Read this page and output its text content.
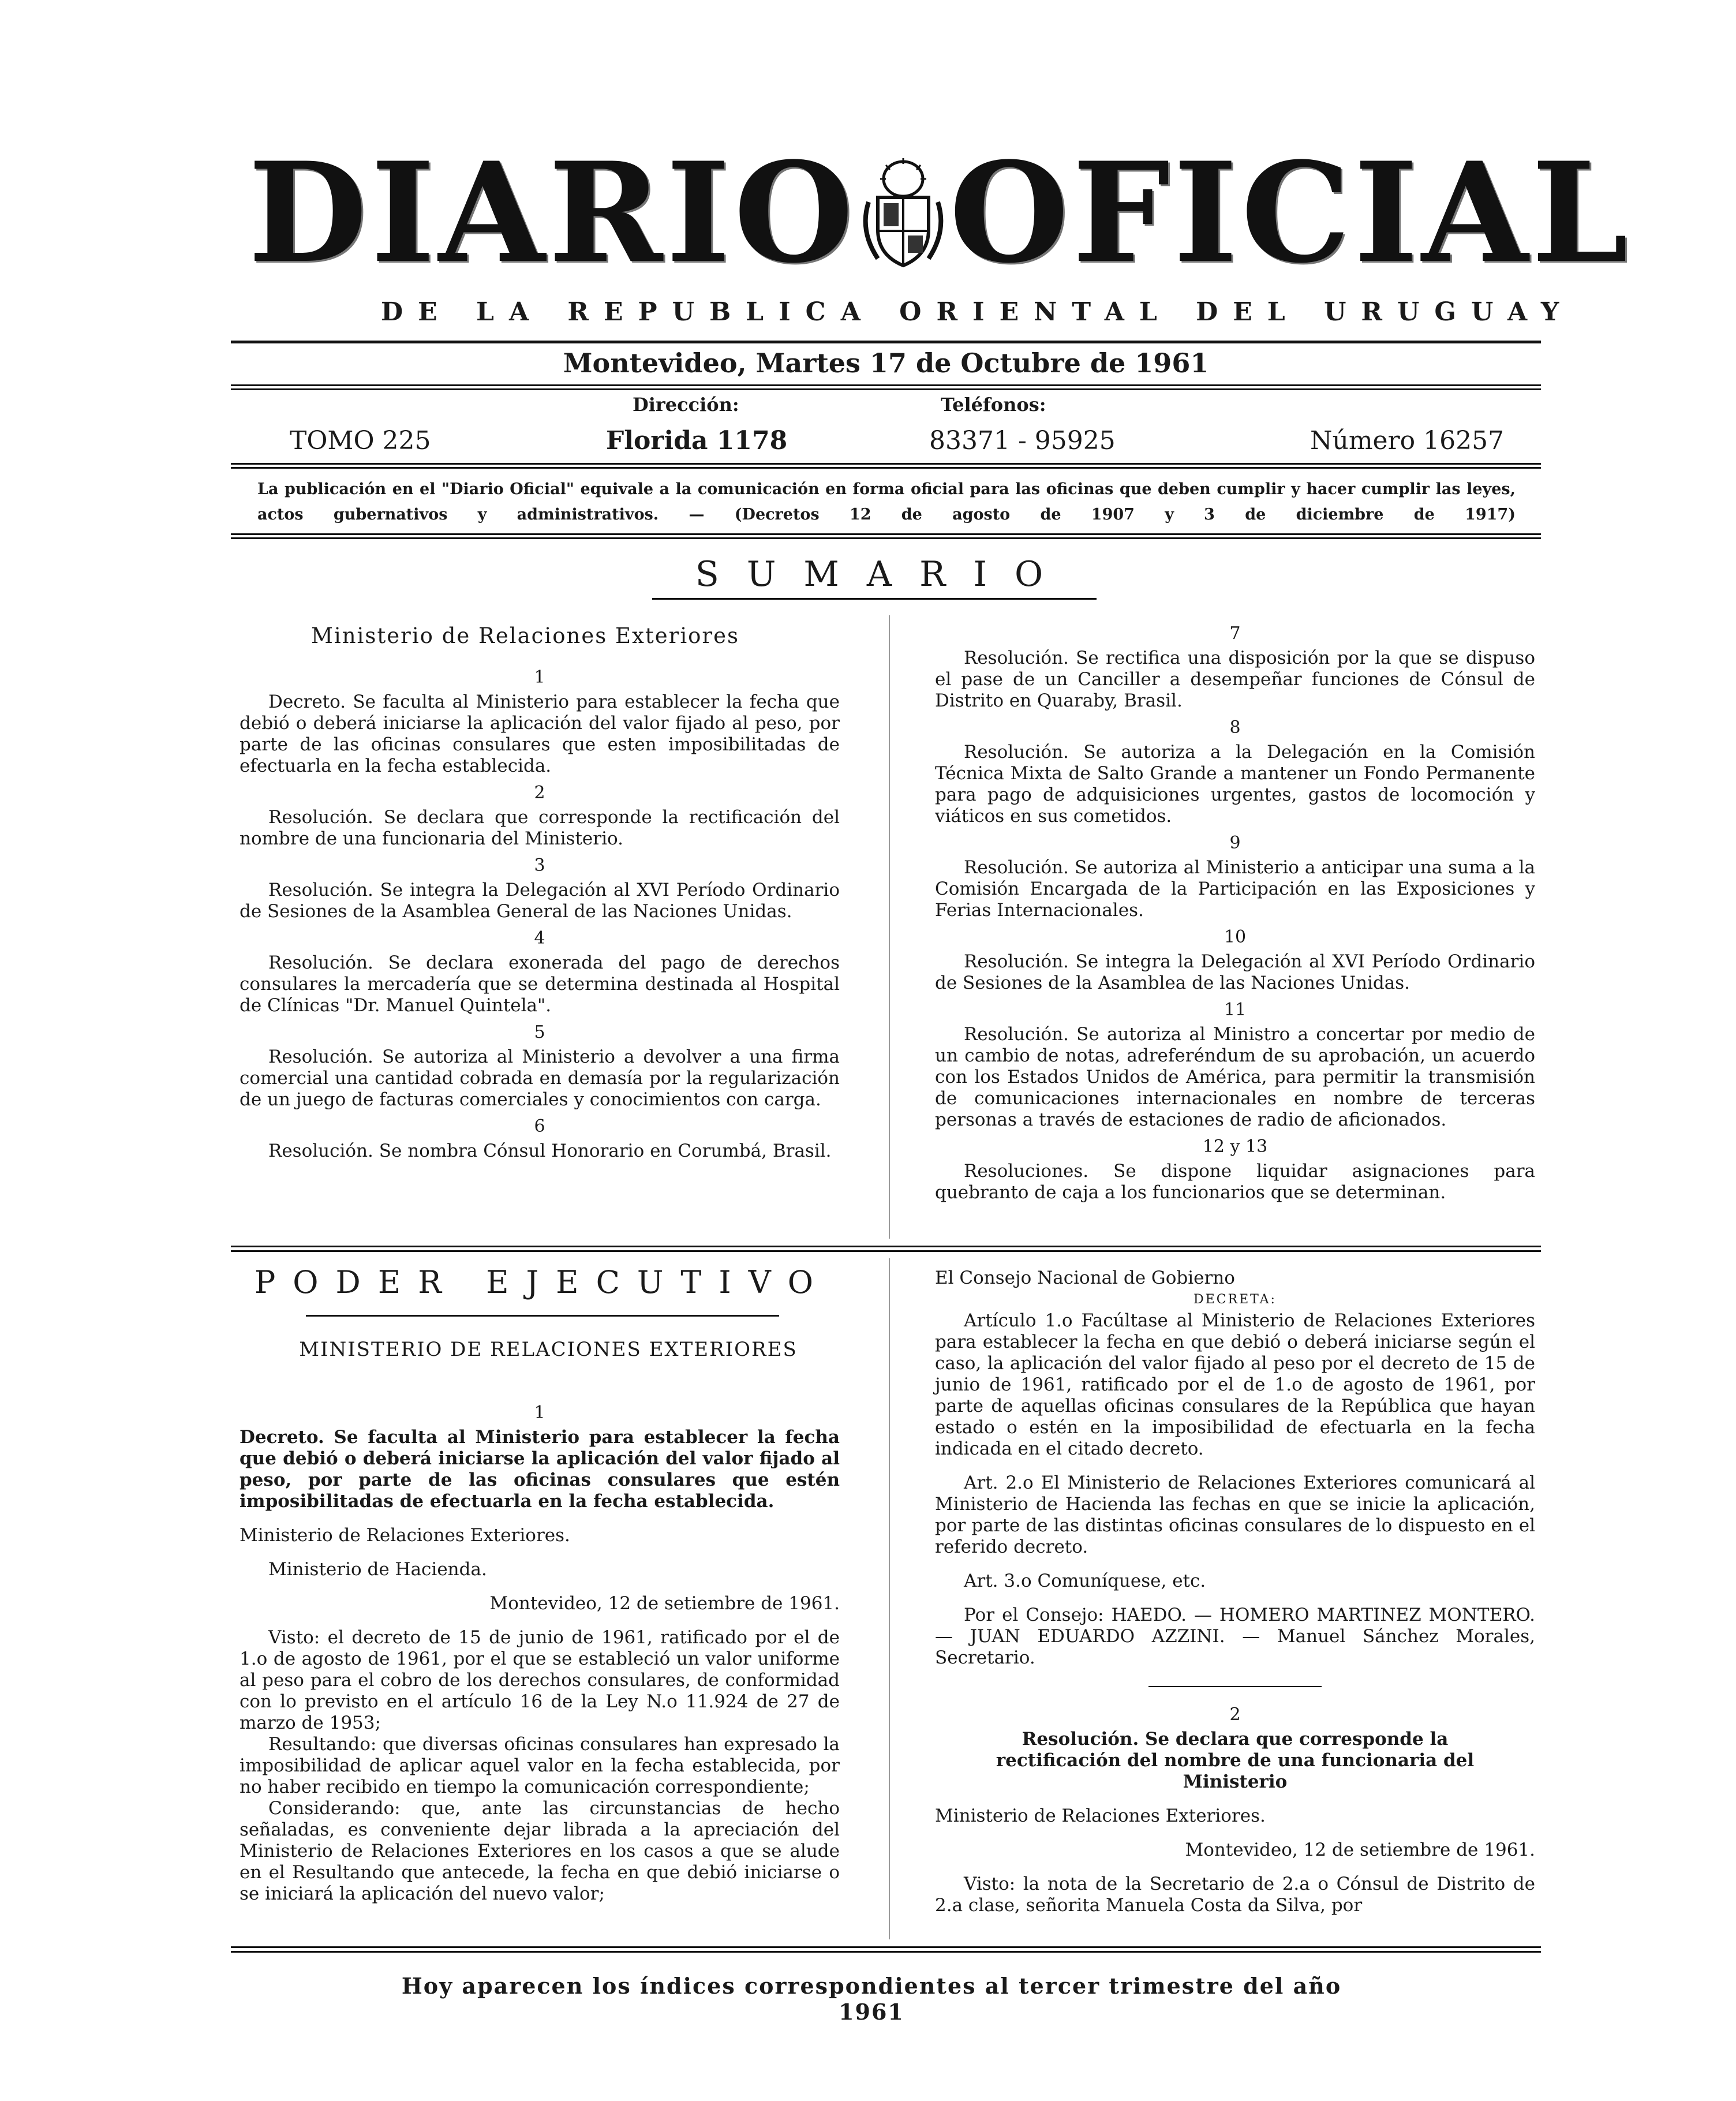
DIARIO OFICIAL
DE LA REPUBLICA ORIENTAL DEL URUGUAY
Montevideo, Martes 17 de Octubre de 1961
Dirección:	Teléfonos:
TOMO 225	Florida 1178	83371 - 95925	Número 16257
La publicación en el "Diario Oficial" equivale a la comunicación en forma oficial para las oficinas que deben cumplir y hacer cumplir las leyes, actos gubernativos y administrativos. — (Decretos 12 de agosto de 1907 y 3 de diciembre de 1917)
SUMARIO
Ministerio de Relaciones Exteriores
1

Decreto. Se faculta al Ministerio para establecer la fecha que debió o deberá iniciarse la aplicación del valor fijado al peso, por parte de las oficinas consulares que esten imposibilitadas de efectuarla en la fecha establecida.

2

Resolución. Se declara que corresponde la rectificación del nombre de una funcionaria del Ministerio.

3

Resolución. Se integra la Delegación al XVI Período Ordinario de Sesiones de la Asamblea General de las Naciones Unidas.

4

Resolución. Se declara exonerada del pago de derechos consulares la mercadería que se determina destinada al Hospital de Clínicas "Dr. Manuel Quintela".

5

Resolución. Se autoriza al Ministerio a devolver a una firma comercial una cantidad cobrada en demasía por la regularización de un juego de facturas comerciales y conocimientos con carga.

6

Resolución. Se nombra Cónsul Honorario en Corumbá, Brasil.

7

Resolución. Se rectifica una disposición por la que se dispuso el pase de un Canciller a desempeñar funciones de Cónsul de Distrito en Quaraby, Brasil.

8

Resolución. Se autoriza a la Delegación en la Comisión Técnica Mixta de Salto Grande a mantener un Fondo Permanente para pago de adquisiciones urgentes, gastos de locomoción y viáticos en sus cometidos.

9

Resolución. Se autoriza al Ministerio a anticipar una suma a la Comisión Encargada de la Participación en las Exposiciones y Ferias Internacionales.

10

Resolución. Se integra la Delegación al XVI Período Ordinario de Sesiones de la Asamblea de las Naciones Unidas.

11

Resolución. Se autoriza al Ministro a concertar por medio de un cambio de notas, adreferéndum de su aprobación, un acuerdo con los Estados Unidos de América, para permitir la transmisión de comunicaciones internacionales en nombre de terceras personas a través de estaciones de radio de aficionados.

12 y 13

Resoluciones. Se dispone liquidar asignaciones para quebranto de caja a los funcionarios que se determinan.

PODER EJECUTIVO
MINISTERIO DE RELACIONES EXTERIORES
1

Decreto. Se faculta al Ministerio para establecer la fecha que debió o deberá iniciarse la aplicación del valor fijado al peso, por parte de las oficinas consulares que estén imposibilitadas de efectuarla en la fecha establecida.

Ministerio de Relaciones Exteriores.

Ministerio de Hacienda.

Montevideo, 12 de setiembre de 1961.

Visto: el decreto de 15 de junio de 1961, ratificado por el de 1.o de agosto de 1961, por el que se estableció un valor uniforme al peso para el cobro de los derechos consulares, de conformidad con lo previsto en el artículo 16 de la Ley N.o 11.924 de 27 de marzo de 1953;

Resultando: que diversas oficinas consulares han expresado la imposibilidad de aplicar aquel valor en la fecha establecida, por no haber recibido en tiempo la comunicación correspondiente;

Considerando: que, ante las circunstancias de hecho señaladas, es conveniente dejar librada a la apreciación del Ministerio de Relaciones Exteriores en los casos a que se alude en el Resultando que antecede, la fecha en que debió iniciarse o se iniciará la aplicación del nuevo valor;

El Consejo Nacional de Gobierno

DECRETA:

Artículo 1.o Facúltase al Ministerio de Relaciones Exteriores para establecer la fecha en que debió o deberá iniciarse según el caso, la aplicación del valor fijado al peso por el decreto de 15 de junio de 1961, ratificado por el de 1.o de agosto de 1961, por parte de aquellas oficinas consulares de la República que hayan estado o estén en la imposibilidad de efectuarla en la fecha indicada en el citado decreto.

Art. 2.o El Ministerio de Relaciones Exteriores comunicará al Ministerio de Hacienda las fechas en que se inicie la aplicación, por parte de las distintas oficinas consulares de lo dispuesto en el referido decreto.

Art. 3.o Comuníquese, etc.

Por el Consejo: HAEDO. — HOMERO MARTINEZ MONTERO. — JUAN EDUARDO AZZINI. — Manuel Sánchez Morales, Secretario.

2

Resolución. Se declara que corresponde la rectificación del nombre de una funcionaria del Ministerio

Ministerio de Relaciones Exteriores.

Montevideo, 12 de setiembre de 1961.

Visto: la nota de la Secretario de 2.a o Cónsul de Distrito de 2.a clase, señorita Manuela Costa da Silva, por

Hoy aparecen los índices correspondientes al tercer trimestre del año 1961
